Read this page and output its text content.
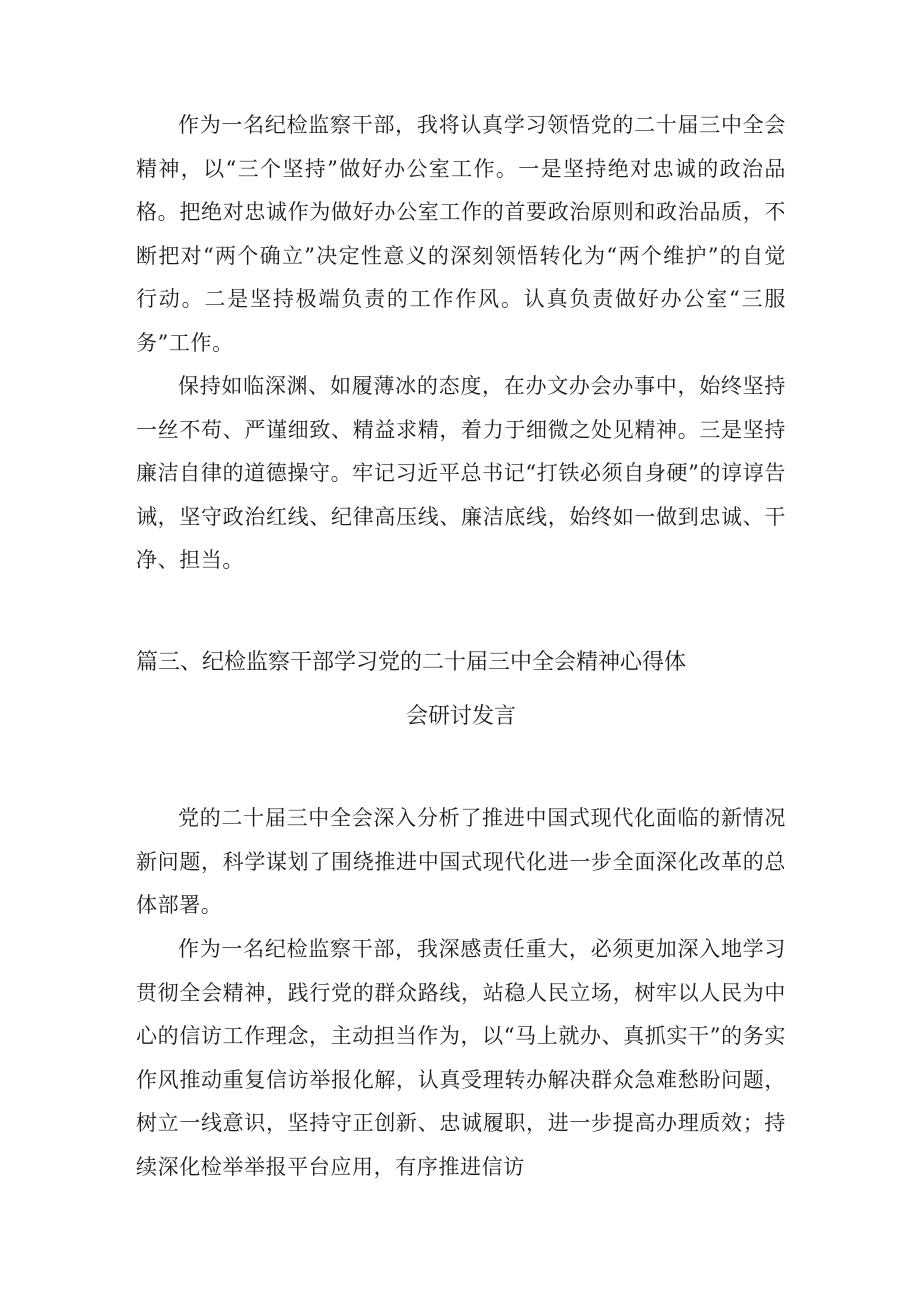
作为一名纪检监察干部，我将认真学习领悟党的二十届三中全会精神，以“三个坚持”做好办公室工作。一是坚持绝对忠诚的政治品格。把绝对忠诚作为做好办公室工作的首要政治原则和政治品质，不断把对“两个确立”决定性意义的深刻领悟转化为“两个维护”的自觉行动。二是坚持极端负责的工作作风。认真负责做好办公室“三服务”工作。

保持如临深渊、如履薄冰的态度，在办文办会办事中，始终坚持一丝不苟、严谨细致、精益求精，着力于细微之处见精神。三是坚持廉洁自律的道德操守。牢记习近平总书记“打铁必须自身硬”的谆谆告诫，坚守政治红线、纪律高压线、廉洁底线，始终如一做到忠诚、干净、担当。

篇三、纪检监察干部学习党的二十届三中全会精神心得体
会研讨发言

党的二十届三中全会深入分析了推进中国式现代化面临的新情况新问题，科学谋划了围绕推进中国式现代化进一步全面深化改革的总体部署。

作为一名纪检监察干部，我深感责任重大，必须更加深入地学习贯彻全会精神，践行党的群众路线，站稳人民立场，树牢以人民为中心的信访工作理念，主动担当作为，以“马上就办、真抓实干”的务实作风推动重复信访举报化解，认真受理转办解决群众急难愁盼问题，树立一线意识，坚持守正创新、忠诚履职，进一步提高办理质效；持续深化检举举报平台应用，有序推进信访
